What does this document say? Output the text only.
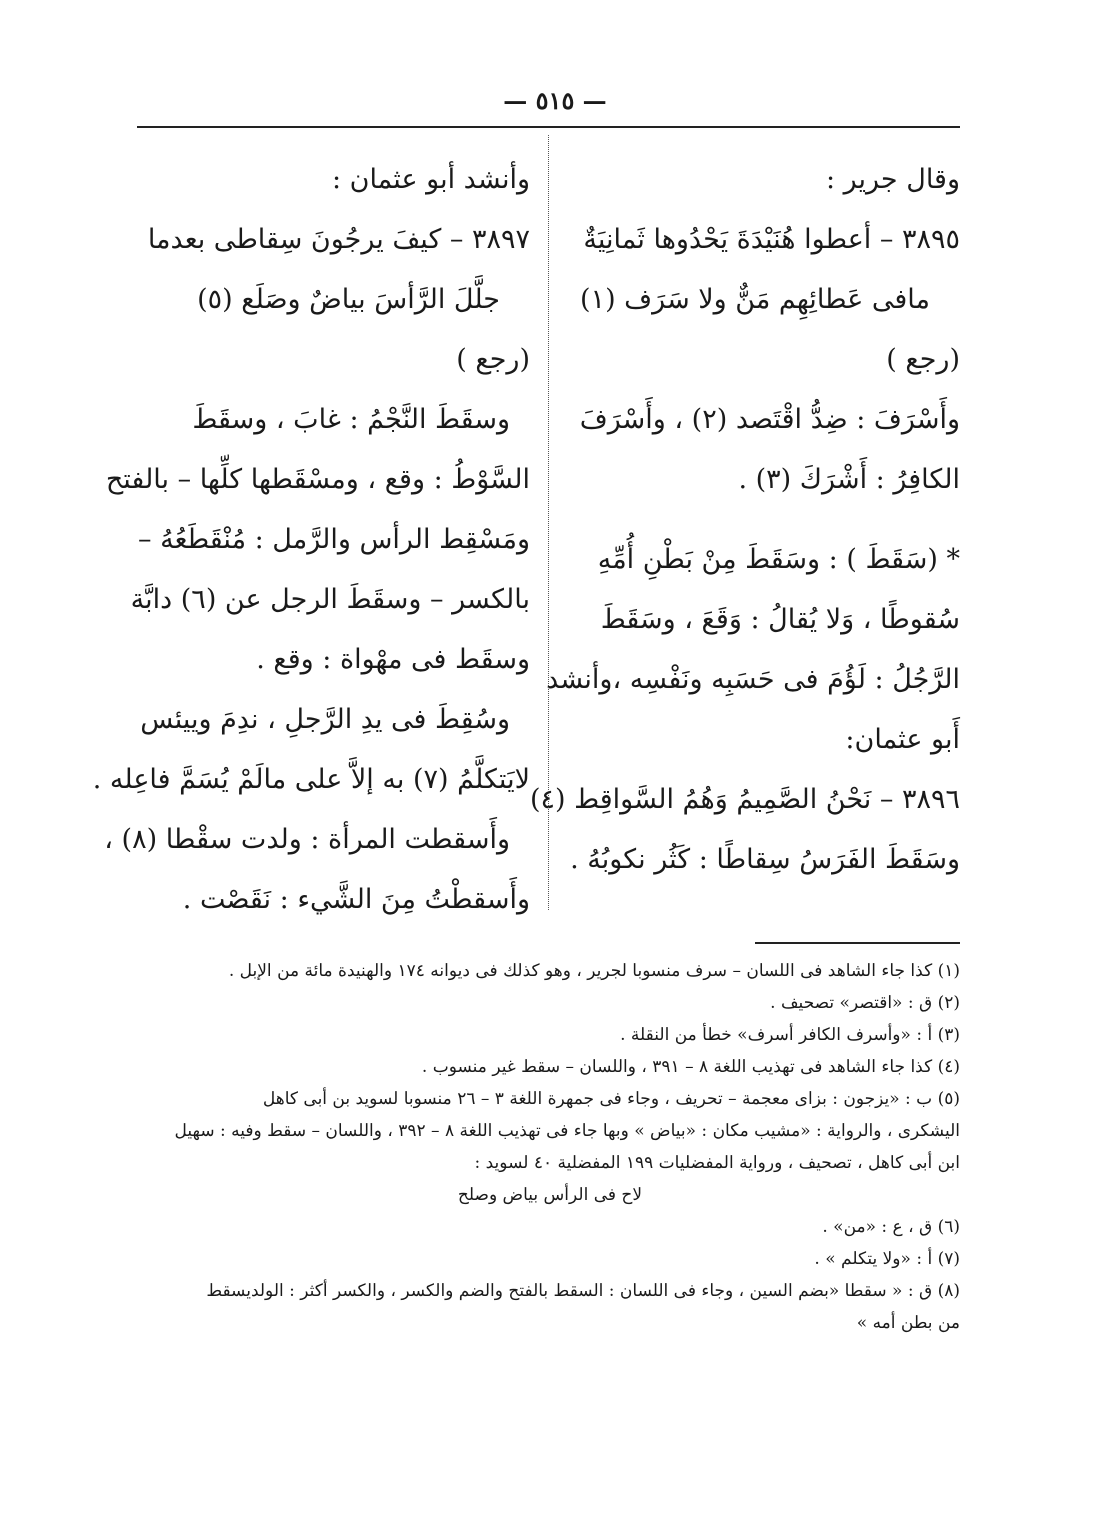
— ٥١٥ —
وقال جرير :
٣٨٩٥ – أعطوا هُنَيْدَةَ يَحْدُوها ثَمانِيَةٌ
مافى عَطائِهِم مَنٌّ ولا سَرَف (١)
(رجع )
وأَسْرَفَ : ضِدُّ اقْتَصد (٢) ، وأَسْرَفَ
الكافِرُ : أَشْرَكَ (٣) .
* (سَقَطَ ) : وسَقَطَ مِنْ بَطْنِ أُمِّهِ
سُقوطًا ، وَلا يُقالُ : وَقَعَ ، وسَقَطَ
الرَّجُلُ : لَؤُمَ فى حَسَبِه ونَفْسِه ،وأنشد
أَبو عثمان:
٣٨٩٦ – نَحْنُ الصَّمِيمُ وَهُمُ السَّواقِط (٤)
وسَقَطَ الفَرَسُ سِقاطًا : كَثُر نكوبُهُ .
وأنشد أبو عثمان :
٣٨٩٧ – كيفَ يرجُونَ سِقاطى بعدما
جلَّلَ الرَّأسَ بياضٌ وصَلَع (٥)
(رجع )
وسقَطَ النَّجْمُ : غابَ ، وسقَطَ
السَّوْطُ : وقع ، ومسْقَطها كلِّها – بالفتح
ومَسْقِط الرأس والرَّمل : مُنْقَطَعُهُ –
بالكسر – وسقَطَ الرجل عن (٦) دابَّة
وسقَط فى مهْواة : وقع .
وسُقِطَ فى يدِ الرَّجلِ ، ندِمَ وييئس
لايَتكلَّمُ (٧) به إلاَّ على مالَمْ يُسَمَّ فاعِله .
وأَسقطت المرأة : ولدت سقْطا (٨) ،
وأَسقطْتُ مِنَ الشَّيء : نَقَصْت .
(١) كذا جاء الشاهد فى اللسان – سرف منسوبا لجرير ، وهو كذلك فى ديوانه ١٧٤ والهنيدة مائة من الإبل .
(٢) ق : «اقتصر» تصحيف .
(٣) أ : «وأسرف الكافر أسرف» خطأ من النقلة .
(٤) كذا جاء الشاهد فى تهذيب اللغة ٨ – ٣٩١ ، واللسان – سقط غير منسوب .
(٥) ب : «يزجون : بزاى معجمة – تحريف ، وجاء فى جمهرة اللغة ٣ – ٢٦ منسوبا لسويد بن أبى كاهل
اليشكرى ، والرواية : «مشيب مكان : «بياض » وبها جاء فى تهذيب اللغة ٨ – ٣٩٢ ، واللسان – سقط وفيه : سهيل
ابن أبى كاهل ، تصحيف ، ورواية المفضليات ١٩٩ المفضلية ٤٠ لسويد :
لاح فى الرأس بياض وصلح
(٦) ق ، ع : «من» .
(٧) أ : «ولا يتكلم » .
(٨) ق : « سقطا «بضم السين ، وجاء فى اللسان : السقط بالفتح والضم والكسر ، والكسر أكثر : الولديسقط
من بطن أمه »
